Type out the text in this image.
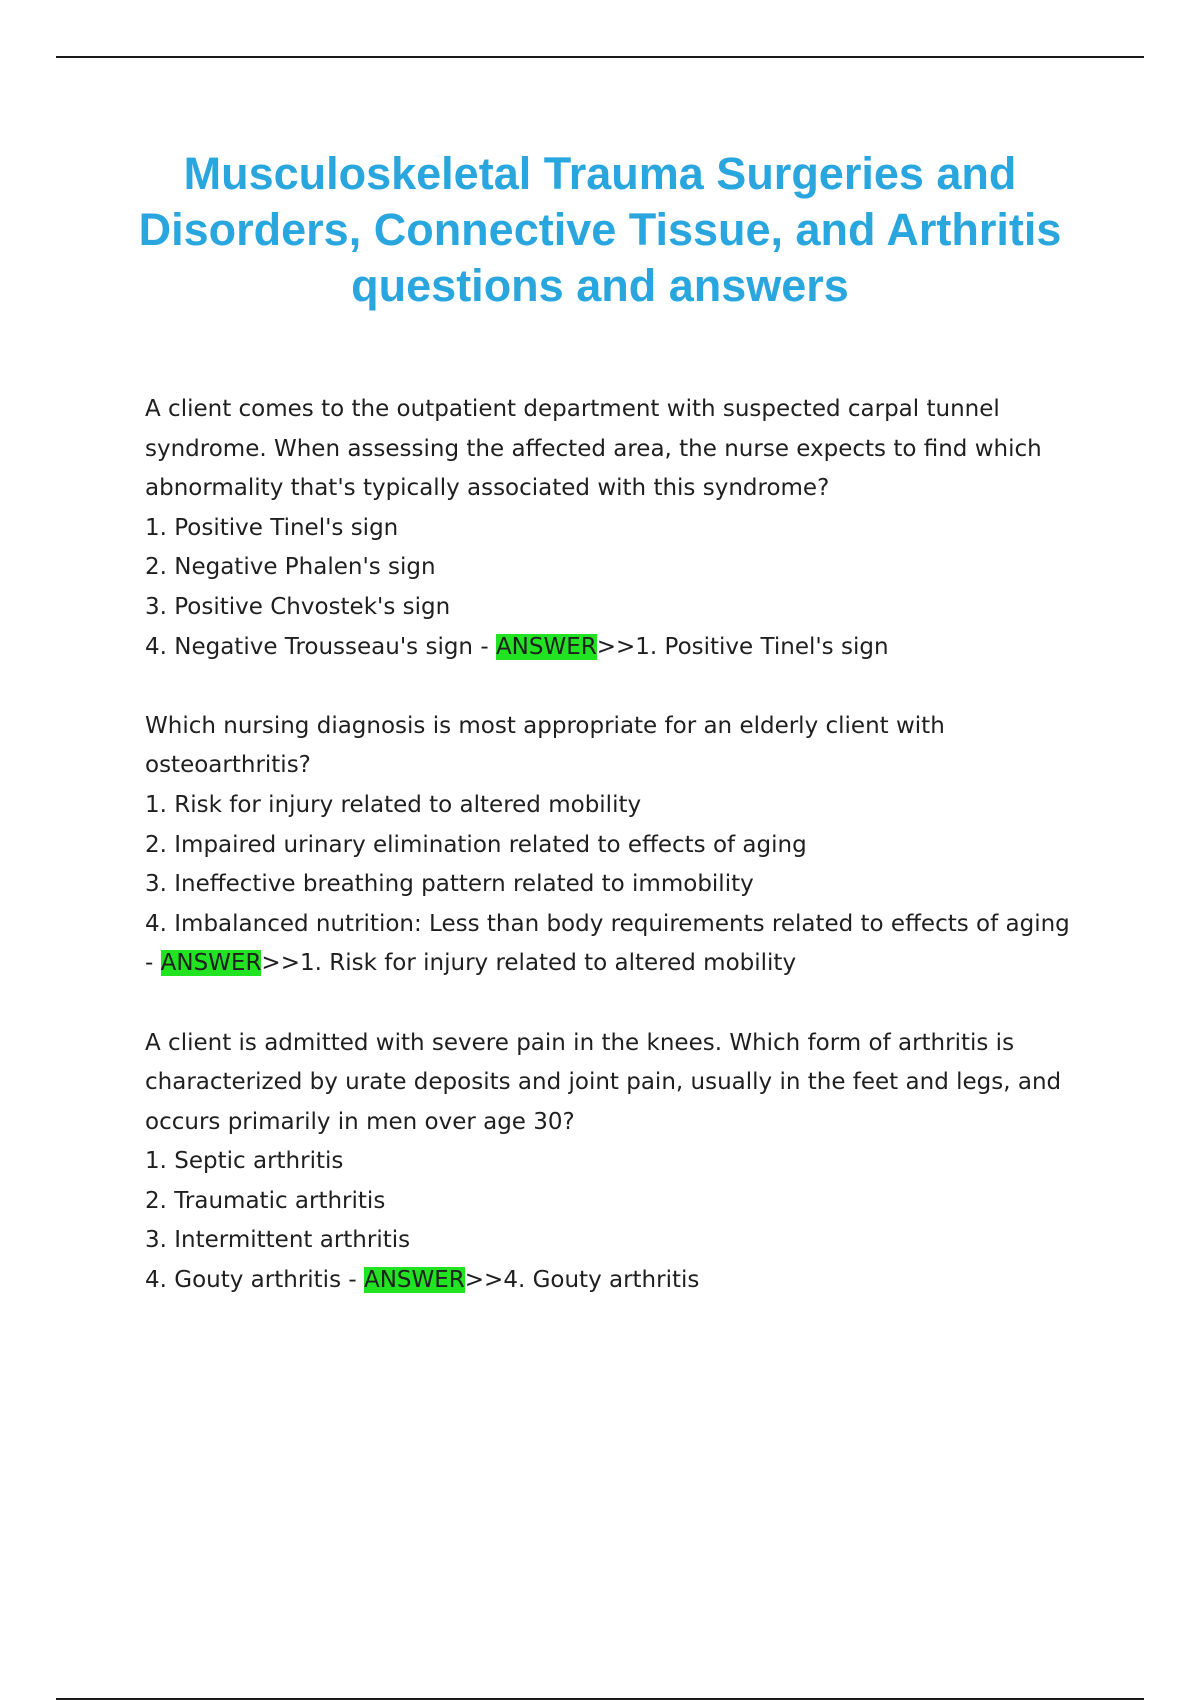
Musculoskeletal Trauma Surgeries and Disorders, Connective Tissue, and Arthritis questions and answers

A client comes to the outpatient department with suspected carpal tunnel syndrome. When assessing the affected area, the nurse expects to find which abnormality that's typically associated with this syndrome?

1. Positive Tinel's sign

2. Negative Phalen's sign

3. Positive Chvostek's sign

4. Negative Trousseau's sign - ANSWER>>1. Positive Tinel's sign

Which nursing diagnosis is most appropriate for an elderly client with osteoarthritis?

1. Risk for injury related to altered mobility

2. Impaired urinary elimination related to effects of aging

3. Ineffective breathing pattern related to immobility

4. Imbalanced nutrition: Less than body requirements related to effects of aging - ANSWER>>1. Risk for injury related to altered mobility

A client is admitted with severe pain in the knees. Which form of arthritis is characterized by urate deposits and joint pain, usually in the feet and legs, and occurs primarily in men over age 30?

1. Septic arthritis

2. Traumatic arthritis

3. Intermittent arthritis

4. Gouty arthritis - ANSWER>>4. Gouty arthritis
